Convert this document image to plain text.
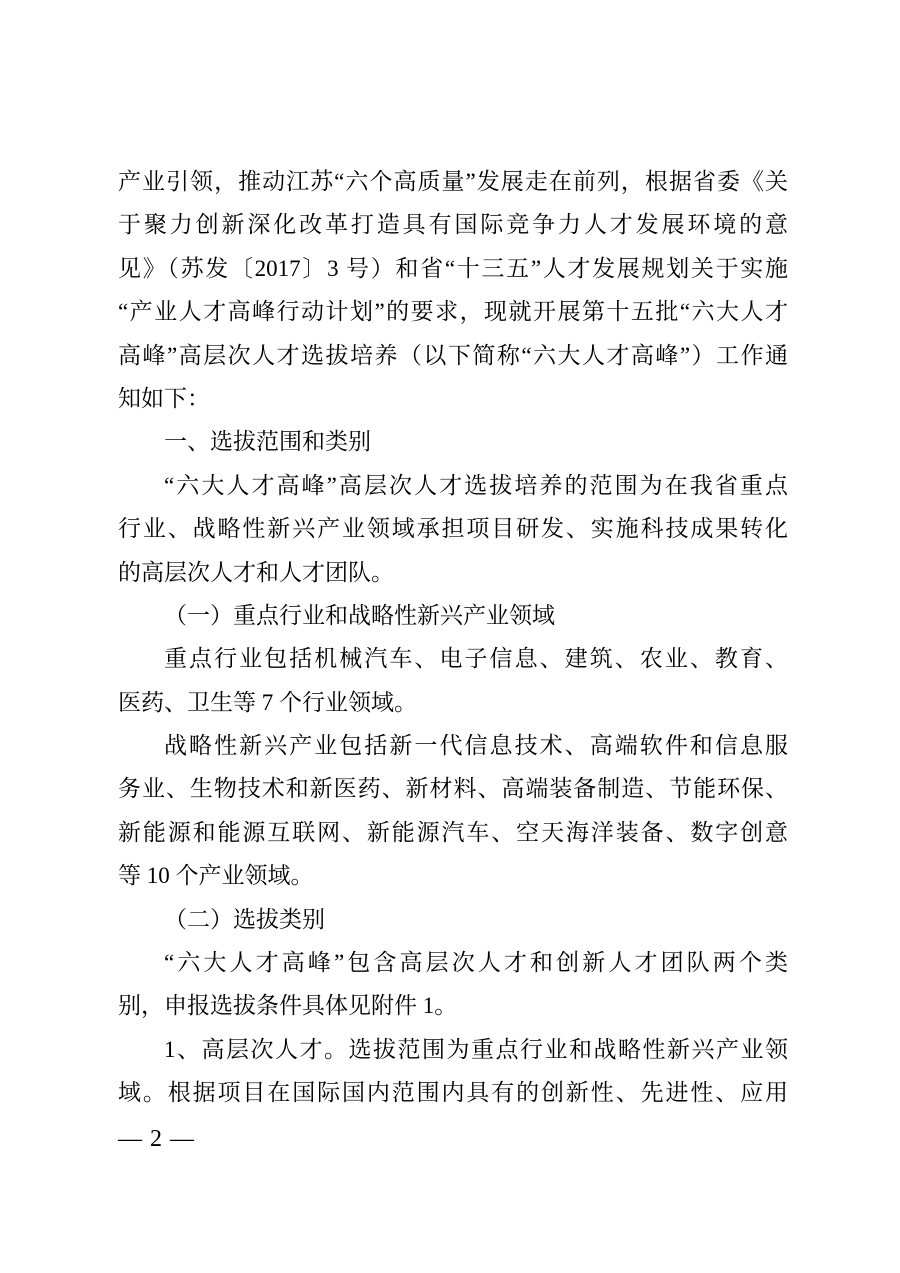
产业引领，推动江苏“六个高质量”发展走在前列，根据省委《关
于聚力创新深化改革打造具有国际竞争力人才发展环境的意
见》（苏发〔2017〕3 号）和省“十三五”人才发展规划关于实施
“产业人才高峰行动计划”的要求，现就开展第十五批“六大人才
高峰”高层次人才选拔培养（以下简称“六大人才高峰”）工作通
知如下：
一、选拔范围和类别
“六大人才高峰”高层次人才选拔培养的范围为在我省重点
行业、战略性新兴产业领域承担项目研发、实施科技成果转化
的高层次人才和人才团队。
（一）重点行业和战略性新兴产业领域
重点行业包括机械汽车、电子信息、建筑、农业、教育、
医药、卫生等 7 个行业领域。
战略性新兴产业包括新一代信息技术、高端软件和信息服
务业、生物技术和新医药、新材料、高端装备制造、节能环保、
新能源和能源互联网、新能源汽车、空天海洋装备、数字创意
等 10 个产业领域。
（二）选拔类别
“六大人才高峰”包含高层次人才和创新人才团队两个类
别，申报选拔条件具体见附件 1。
1、高层次人才。选拔范围为重点行业和战略性新兴产业领
域。根据项目在国际国内范围内具有的创新性、先进性、应用
— 2 —
